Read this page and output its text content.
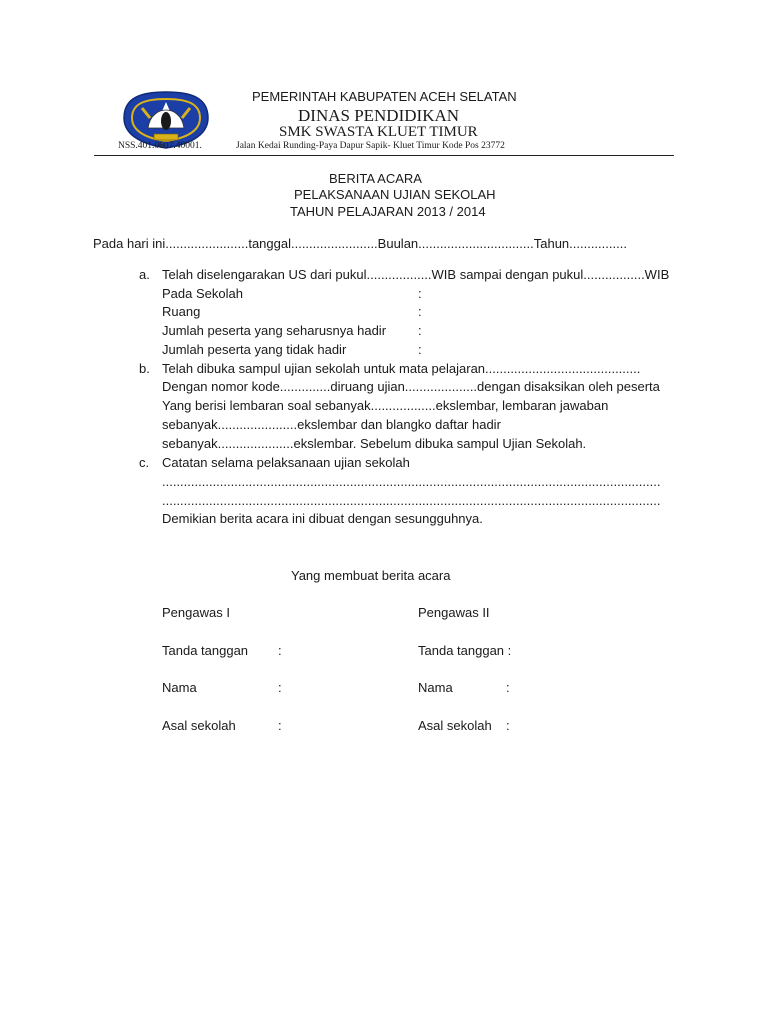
PEMERINTAH KABUPATEN ACEH SELATAN
DINAS PENDIDIKAN
SMK SWASTA KLUET TIMUR
NSS.401.0607.40001.	Jalan Kedai Runding-Paya Dapur Sapik- Kluet Timur Kode Pos 23772
BERITA ACARA
PELAKSANAAN UJIAN SEKOLAH
TAHUN PELAJARAN 2013 / 2014
Pada hari ini.......................tanggal........................Buulan................................Tahun................
a. Telah diselengarakan US dari pukul..................WIB sampai dengan pukul.................WIB
Pada Sekolah	:
Ruang	:
Jumlah peserta yang seharusnya hadir :
Jumlah peserta yang tidak hadir	:
b. Telah dibuka sampul ujian sekolah untuk mata pelajaran...........................................
Dengan nomor kode..............diruang ujian....................dengan disaksikan oleh peserta
Yang berisi lembaran soal sebanyak..................ekslembar, lembaran jawaban
sebanyak......................ekslembar dan blangko daftar hadir
sebanyak.....................ekslembar. Sebelum dibuka sampul Ujian Sekolah.
c. Catatan selama pelaksanaan ujian sekolah
..........................................................................................................................................
..........................................................................................................................................
Demikian berita acara ini dibuat dengan sesungguhnya.
Yang membuat berita acara
Pengawas I	Pengawas II
Tanda tanggan :	Tanda tanggan :
Nama	:	Nama	:
Asal sekolah	:	Asal sekolah :
